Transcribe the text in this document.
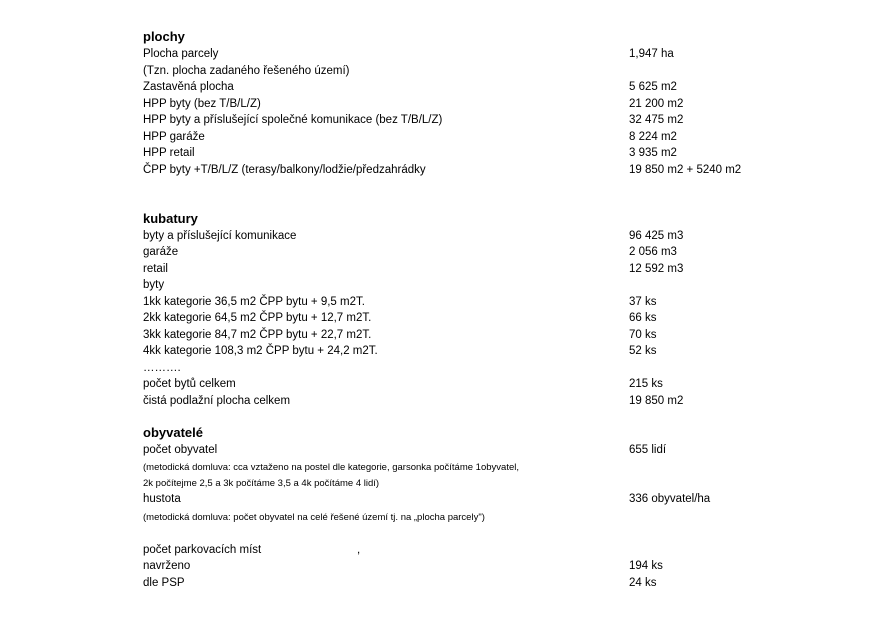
plochy
Plocha parcely	1,947 ha
(Tzn. plocha zadaného řešeného území)
Zastavěná plocha	5 625 m2
HPP byty (bez T/B/L/Z)	21 200 m2
HPP byty a příslušející společné komunikace (bez T/B/L/Z)	32 475 m2
HPP garáže	8 224 m2
HPP retail	3 935 m2
ČPP byty +T/B/L/Z (terasy/balkony/lodžie/předzahrádky	19 850 m2 + 5240 m2
kubatury
byty a příslušející komunikace	96 425 m3
garáže	2 056 m3
retail	12 592 m3
byty
1kk kategorie 36,5 m2 ČPP bytu + 9,5 m2T.	37 ks
2kk kategorie 64,5 m2 ČPP bytu + 12,7 m2T.	66 ks
3kk kategorie 84,7 m2 ČPP bytu + 22,7 m2T.	70 ks
4kk kategorie 108,3 m2 ČPP bytu + 24,2 m2T.	52 ks
……….
počet bytů celkem	215 ks
čistá podlažní plocha celkem	19 850 m2
obyvatelé
počet obyvatel	655 lidí
(metodická domluva: cca vztaženo na postel dle kategorie, garsonka počítáme 1obyvatel,
2k počítejme 2,5 a 3k počítáme 3,5 a 4k počítáme 4 lidí)
hustota	336 obyvatel/ha
(metodická domluva: počet obyvatel na celé řešené území tj. na „plocha parcely")
počet parkovacích míst	,
navrženo	194 ks
dle PSP	24 ks
